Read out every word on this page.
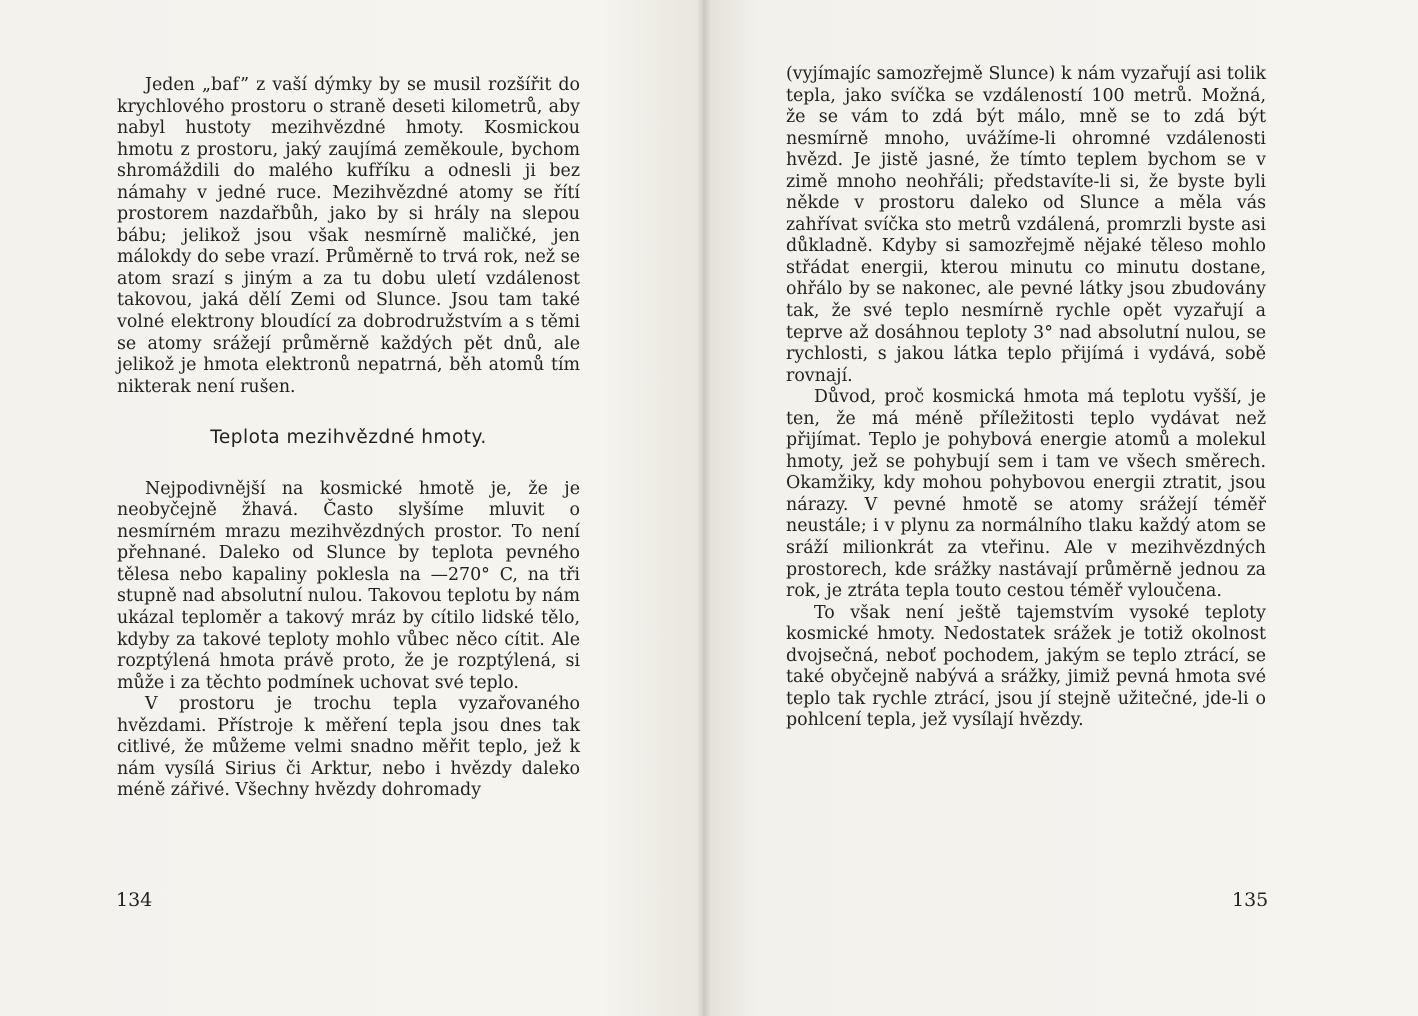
Jeden „baf” z vaší dýmky by se musil rozšířit do krychlového prostoru o straně deseti kilometrů, aby nabyl hustoty mezihvězdné hmoty. Kosmickou hmotu z prostoru, jaký zaujímá zeměkoule, bychom shromáždili do malého kufříku a odnesli ji bez námahy v jedné ruce. Mezihvězdné atomy se řítí prostorem nazdařbůh, jako by si hrály na slepou bábu; jelikož jsou však nesmírně maličké, jen málokdy do sebe vrazí. Průměrně to trvá rok, než se atom srazí s jiným a za tu dobu uletí vzdálenost takovou, jaká dělí Zemi od Slunce. Jsou tam také volné elektrony bloudící za dobrodružstvím a s těmi se atomy srážejí průměrně každých pět dnů, ale jelikož je hmota elektronů nepatrná, běh atomů tím nikterak není rušen.

Teplota mezihvězdné hmoty.

Nejpodivnější na kosmické hmotě je, že je neobyčejně žhavá. Často slyšíme mluvit o nesmírném mrazu mezihvězdných prostor. To není přehnané. Daleko od Slunce by teplota pevného tělesa nebo kapaliny poklesla na —270° C, na tři stupně nad absolutní nulou. Takovou teplotu by nám ukázal teploměr a takový mráz by cítilo lidské tělo, kdyby za takové teploty mohlo vůbec něco cítit. Ale rozptýlená hmota právě proto, že je rozptýlená, si může i za těchto podmínek uchovat své teplo.

V prostoru je trochu tepla vyzařovaného hvězdami. Přístroje k měření tepla jsou dnes tak citlivé, že můžeme velmi snadno měřit teplo, jež k nám vysílá Sirius či Arktur, nebo i hvězdy daleko méně zářivé. Všechny hvězdy dohromady

134

(vyjímajíc samozřejmě Slunce) k nám vyzařují asi tolik tepla, jako svíčka se vzdáleností 100 metrů. Možná, že se vám to zdá být málo, mně se to zdá být nesmírně mnoho, uvážíme-li ohromné vzdálenosti hvězd. Je jistě jasné, že tímto teplem bychom se v zimě mnoho neohřáli; představíte-li si, že byste byli někde v prostoru daleko od Slunce a měla vás zahřívat svíčka sto metrů vzdálená, promrzli byste asi důkladně. Kdyby si samozřejmě nějaké těleso mohlo střádat energii, kterou minutu co minutu dostane, ohřálo by se nakonec, ale pevné látky jsou zbudovány tak, že své teplo nesmírně rychle opět vyzařují a teprve až dosáhnou teploty 3° nad absolutní nulou, se rychlosti, s jakou látka teplo přijímá i vydává, sobě rovnají.

Důvod, proč kosmická hmota má teplotu vyšší, je ten, že má méně příležitosti teplo vydávat než přijímat. Teplo je pohybová energie atomů a molekul hmoty, jež se pohybují sem i tam ve všech směrech. Okamžiky, kdy mohou pohybovou energii ztratit, jsou nárazy. V pevné hmotě se atomy srážejí téměř neustále; i v plynu za normálního tlaku každý atom se sráží milionkrát za vteřinu. Ale v mezihvězdných prostorech, kde srážky nastávají průměrně jednou za rok, je ztráta tepla touto cestou téměř vyloučena.

To však není ještě tajemstvím vysoké teploty kosmické hmoty. Nedostatek srážek je totiž okolnost dvojsečná, neboť pochodem, jakým se teplo ztrácí, se také obyčejně nabývá a srážky, jimiž pevná hmota své teplo tak rychle ztrácí, jsou jí stejně užitečné, jde-li o pohlcení tepla, jež vysílají hvězdy.

135
